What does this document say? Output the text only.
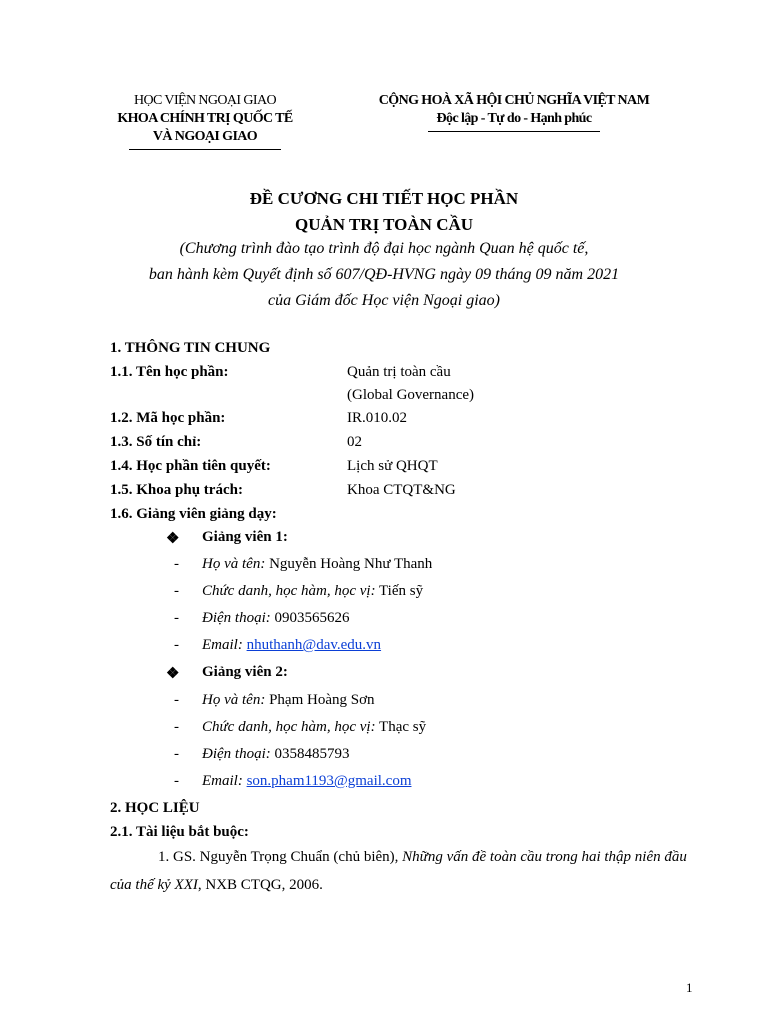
HỌC VIỆN NGOẠI GIAO
KHOA CHÍNH TRỊ QUỐC TẾ
VÀ NGOẠI GIAO
CỘNG HOÀ XÃ HỘI CHỦ NGHĨA VIỆT NAM
Độc lập - Tự do - Hạnh phúc
ĐỀ CƯƠNG CHI TIẾT HỌC PHẦN
QUẢN TRỊ TOÀN CẦU
(Chương trình đào tạo trình độ đại học ngành Quan hệ quốc tế,
ban hành kèm Quyết định số 607/QĐ-HVNG ngày 09 tháng 09 năm 2021
của Giám đốc Học viện Ngoại giao)
1. THÔNG TIN CHUNG
1.1. Tên học phần:	Quản trị toàn cầu
(Global Governance)
1.2. Mã học phần:	IR.010.02
1.3. Số tín chỉ:	02
1.4. Học phần tiên quyết:	Lịch sử QHQT
1.5. Khoa phụ trách:	Khoa CTQT&NG
1.6. Giảng viên giảng dạy:
❖ Giảng viên 1:
- Họ và tên: Nguyễn Hoàng Như Thanh
- Chức danh, học hàm, học vị: Tiến sỹ
- Điện thoại: 0903565626
- Email: nhuthanh@dav.edu.vn
❖ Giảng viên 2:
- Họ và tên: Phạm Hoàng Sơn
- Chức danh, học hàm, học vị: Thạc sỹ
- Điện thoại: 0358485793
- Email: son.pham1193@gmail.com
2. HỌC LIỆU
2.1. Tài liệu bắt buộc:
1. GS. Nguyễn Trọng Chuẩn (chủ biên), Những vấn đề toàn cầu trong hai thập niên đầu của thế kỷ XXI, NXB CTQG, 2006.
1
